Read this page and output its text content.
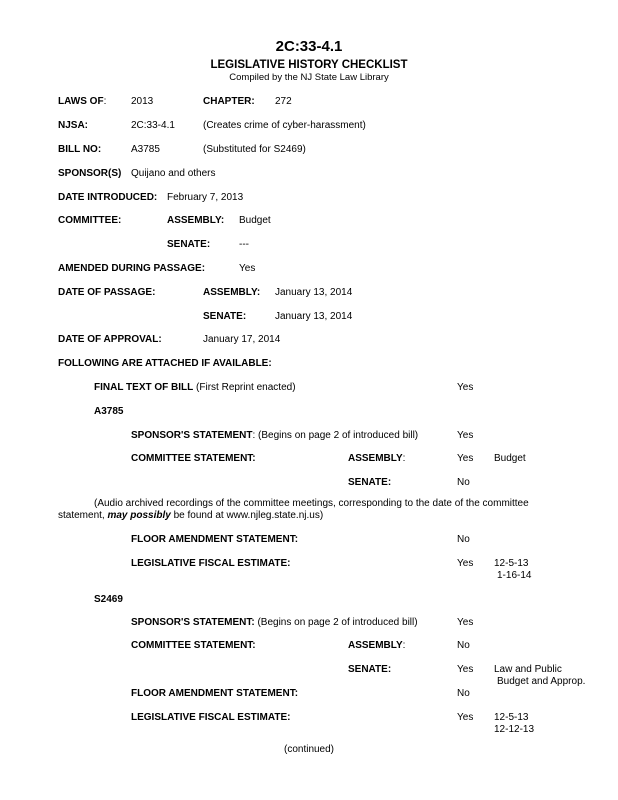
2C:33-4.1
LEGISLATIVE HISTORY CHECKLIST
Compiled by the NJ State Law Library
LAWS OF: 2013	CHAPTER: 272
NJSA:	2C:33-4.1	(Creates crime of cyber-harassment)
BILL NO:	A3785	(Substituted for S2469)
SPONSOR(S) Quijano and others
DATE INTRODUCED: February 7, 2013
COMMITTEE:	ASSEMBLY: Budget
SENATE:	---
AMENDED DURING PASSAGE:	Yes
DATE OF PASSAGE:	ASSEMBLY: January 13, 2014
SENATE:	January 13, 2014
DATE OF APPROVAL:	January 17, 2014
FOLLOWING ARE ATTACHED IF AVAILABLE:
FINAL TEXT OF BILL (First Reprint enacted)	Yes
A3785
SPONSOR'S STATEMENT: (Begins on page 2 of introduced bill)	Yes
COMMITTEE STATEMENT:	ASSEMBLY:	Yes Budget
SENATE:	No
(Audio archived recordings of the committee meetings, corresponding to the date of the committee statement, may possibly be found at www.njleg.state.nj.us)
FLOOR AMENDMENT STATEMENT:	No
LEGISLATIVE FISCAL ESTIMATE:	Yes 12-5-13
1-16-14
S2469
SPONSOR'S STATEMENT: (Begins on page 2 of introduced bill)	Yes
COMMITTEE STATEMENT:	ASSEMBLY:	No
SENATE:	Yes Law and Public
Budget and Approp.
FLOOR AMENDMENT STATEMENT:	No
LEGISLATIVE FISCAL ESTIMATE:	Yes 12-5-13
12-12-13
(continued)
